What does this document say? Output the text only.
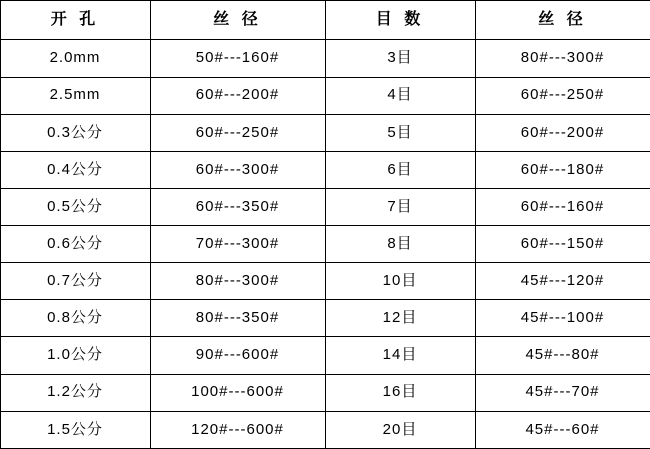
开 孔	丝 径	目 数	丝 径

2.0mm	50#---160#	3目	80#---300#

2.5mm	60#---200#	4目	60#---250#

0.3公分	60#---250#	5目	60#---200#

0.4公分	60#---300#	6目	60#---180#

0.5公分	60#---350#	7目	60#---160#

0.6公分	70#---300#	8目	60#---150#

0.7公分	80#---300#	10目	45#---120#

0.8公分	80#---350#	12目	45#---100#

1.0公分	90#---600#	14目	45#---80#

1.2公分	100#---600#	16目	45#---70#

1.5公分	120#---600#	20目	45#---60#
